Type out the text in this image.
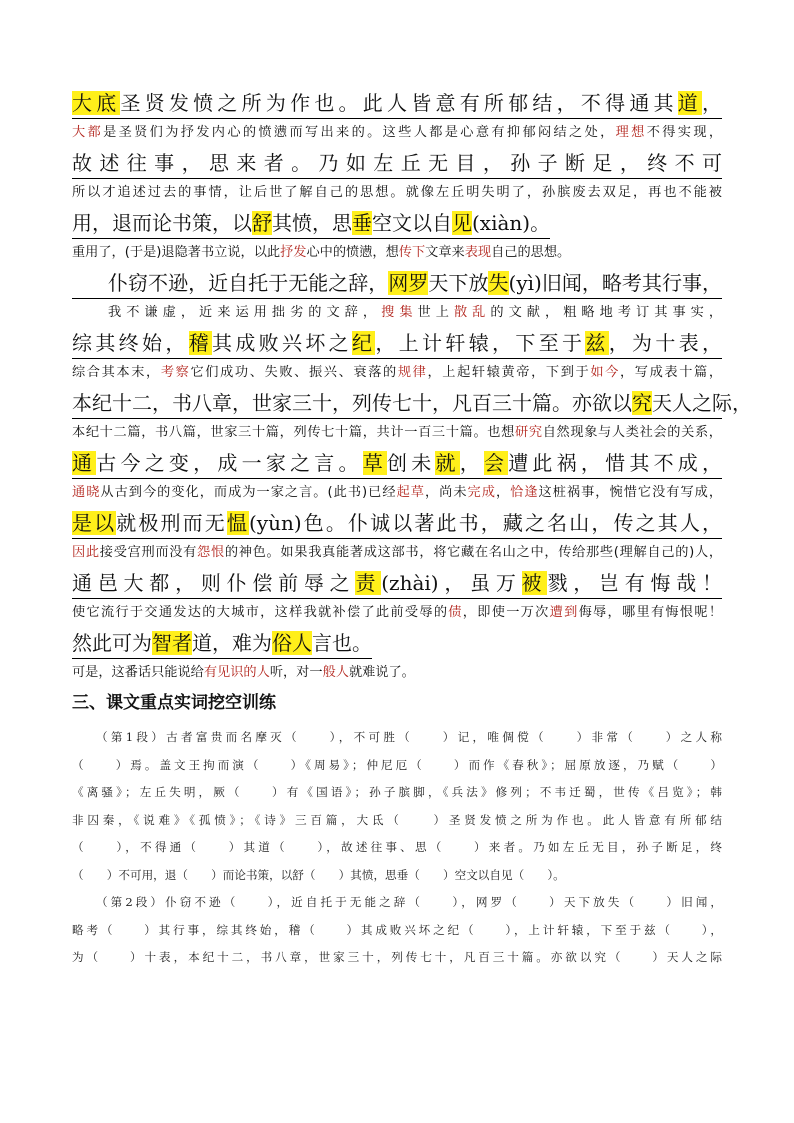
大底圣贤发愤之所为作也。此人皆意有所郁结，不得通其道，
大都是圣贤们为抒发内心的愤懑而写出来的。这些人都是心意有抑郁闷结之处，理想不得实现，
故述往事，思来者。乃如左丘无目，孙子断足，终不可
所以才追述过去的事情，让后世了解自己的思想。就像左丘明失明了，孙膑废去双足，再也不能被
用，退而论书策，以舒其愤，思垂空文以自见(xiàn)。
重用了，(于是)退隐著书立说，以此抒发心中的愤懑，想传下文章来表现自己的思想。
仆窃不逊，近自托于无能之辞，网罗天下放失(yì)旧闻，略考其行事，
我不谦虚，近来运用拙劣的文辞，搜集世上散乱的文献，粗略地考订其事实，
综其终始，稽其成败兴坏之纪，上计轩辕，下至于兹，为十表，
综合其本末，考察它们成功、失败、振兴、衰落的规律，上起轩辕黄帝，下到于如今，写成表十篇，
本纪十二，书八章，世家三十，列传七十，凡百三十篇。亦欲以究天人之际，
本纪十二篇，书八篇，世家三十篇，列传七十篇，共计一百三十篇。也想研究自然现象与人类社会的关系，
通古今之变，成一家之言。草创未就，会遭此祸，惜其不成，
通晓从古到今的变化，而成为一家之言。(此书)已经起草，尚未完成，恰逢这桩祸事，惋惜它没有写成，
是以就极刑而无愠(yùn)色。仆诚以著此书，藏之名山，传之其人，
因此接受宫刑而没有怨恨的神色。如果我真能著成这部书，将它藏在名山之中，传给那些(理解自己的)人，
通邑大都，则仆偿前辱之责(zhài)，虽万被戮，岂有悔哉！
使它流行于交通发达的大城市，这样我就补偿了此前受辱的债，即使一万次遭到侮辱，哪里有悔恨呢！
然此可为智者道，难为俗人言也。
可是，这番话只能说给有见识的人听，对一般人就难说了。
三、课文重点实词挖空训练
（第1段）古者富贵而名摩灭（　　），不可胜（　　）记，唯倜傥（　　）非常（　　）之人称
（　　）焉。盖文王拘而演（　　）《周易》；仲尼厄（　　）而作《春秋》；屈原放逐，乃赋（　　）
《离骚》；左丘失明，厥（　　）有《国语》；孙子膑脚，《兵法》修列；不韦迁蜀，世传《吕览》；韩
非囚秦，《说难》《孤愤》；《诗》三百篇，大氐（　　）圣贤发愤之所为作也。此人皆意有所郁结
（　　），不得通（　　）其道（　　），故述往事、思（　　）来者。乃如左丘无目，孙子断足，终
（　　）不可用，退（　　）而论书策，以舒（　　）其愤，思垂（　　）空文以自见（　　）。
（第2段）仆窃不逊（　　），近自托于无能之辞（　　），网罗（　　）天下放失（　　）旧闻，
略考（　　）其行事，综其终始，稽（　　）其成败兴坏之纪（　　），上计轩辕，下至于兹（　　），
为（　　）十表，本纪十二，书八章，世家三十，列传七十，凡百三十篇。亦欲以究（　　）天人之际
